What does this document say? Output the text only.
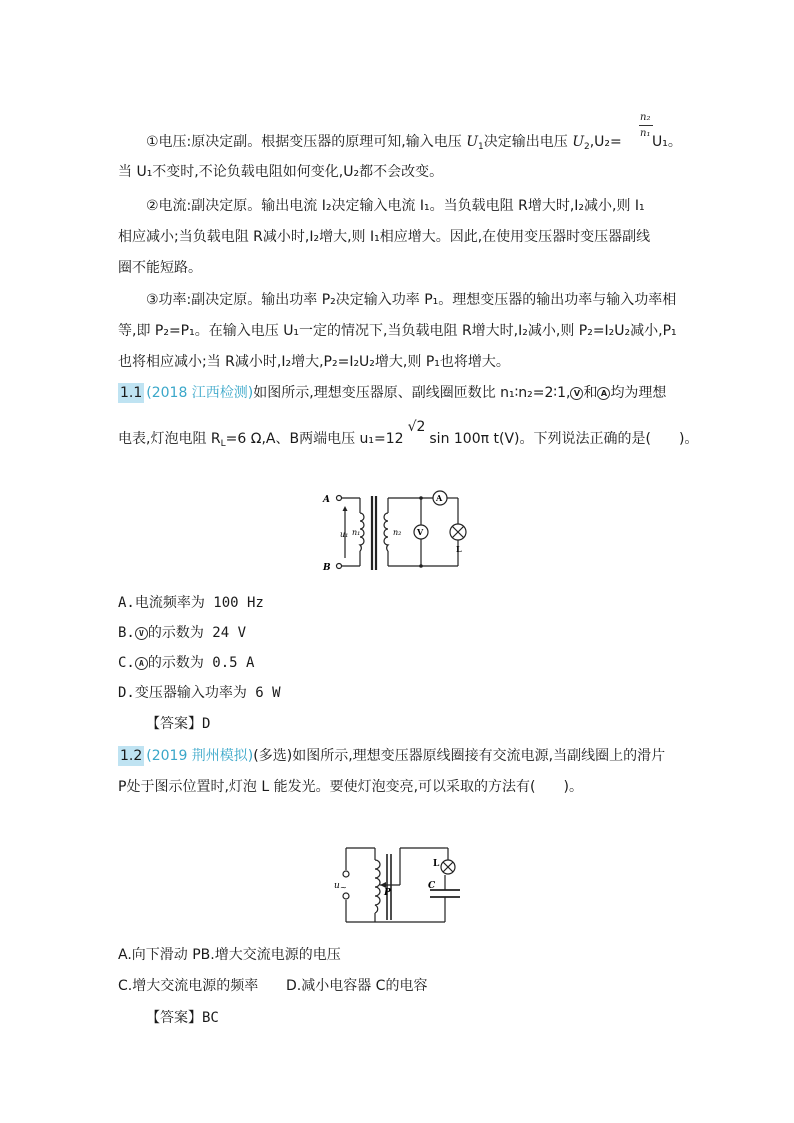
①电压:原决定副。根据变压器的原理可知,输入电压 $U_1$决定输出电压 $U_2,U_2=$
n₂
n₁
U₁。
当 U₁不变时,不论负载电阻如何变化,U₂都不会改变。
②电流:副决定原。输出电流 I₂决定输入电流 I₁。当负载电阻 R增大时,I₂减小,则 I₁
相应减小;当负载电阻 R减小时,I₂增大,则 I₁相应增大。因此,在使用变压器时变压器副线
圈不能短路。
③功率:副决定原。输出功率 P₂决定输入功率 P₁。理想变压器的输出功率与输入功率相
等,即 P₂=P₁。在输入电压 U₁一定的情况下,当负载电阻 R增大时,I₂减小,则 P₂=I₂U₂减小,P₁
也将相应减小;当 R减小时,I₂增大,P₂=I₂U₂增大,则 P₁也将增大。
1.1 (2018 江西检测)如图所示,理想变压器原、副线圈匝数比 n₁∶n₂=2∶1, V 和 A 均为理想
电表,灯泡电阻 $R_L=6$ Ω,A、B两端电压 u₁=12√2sin 100π t(V)。下列说法正确的是(　　)。
A
B
u₁ n₁	n₂ V
A
L
A.电流频率为 100 Hz
B. V 的示数为 24 V
C. A 的示数为 0.5 A
D.变压器输入功率为 6 W
【答案】D
1.2 (2019 荆州模拟)(多选)如图所示,理想变压器原线圈接有交流电源,当副线圈上的滑片
P处于图示位置时,灯泡 L 能发光。要使灯泡变亮,可以采取的方法有(　　)。
u ~
P
L
C
A.向下滑动 PB.增大交流电源的电压
C.增大交流电源的频率 D.减小电容器 C的电容
【答案】BC
